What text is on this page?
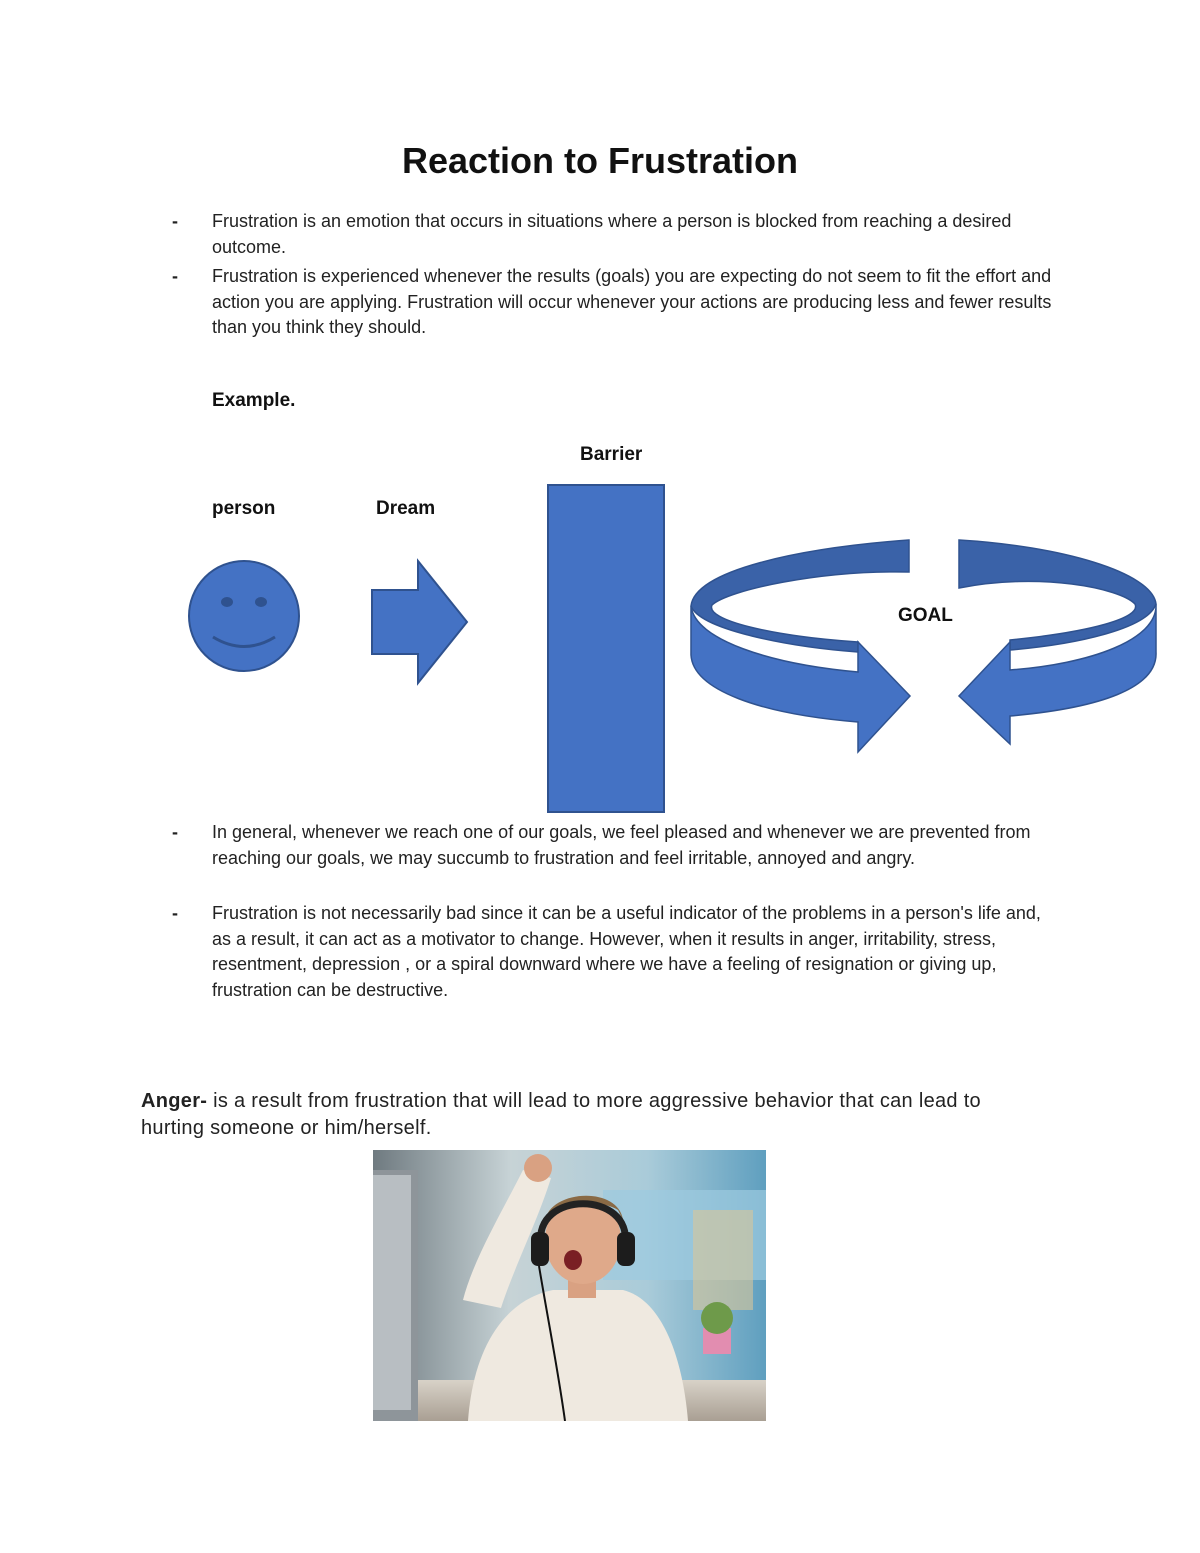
Reaction to Frustration
-	Frustration is an emotion that occurs in situations where a person is blocked from reaching a desired outcome.
-	Frustration is experienced whenever the results (goals) you are expecting do not seem to fit the effort and action you are applying. Frustration will occur whenever your actions are producing less and fewer results than you think they should.
Example.
Barrier
person	Dream
GOAL
-	In general, whenever we reach one of our goals, we feel pleased and whenever we are prevented from reaching our goals, we may succumb to frustration and feel irritable, annoyed and angry.
-	Frustration is not necessarily bad since it can be a useful indicator of the problems in a person's life and, as a result, it can act as a motivator to change. However, when it results in anger, irritability, stress, resentment, depression , or a spiral downward where we have a feeling of resignation or giving up, frustration can be destructive.
Anger- is a result from frustration that will lead to more aggressive behavior that can lead to hurting someone or him/herself.
